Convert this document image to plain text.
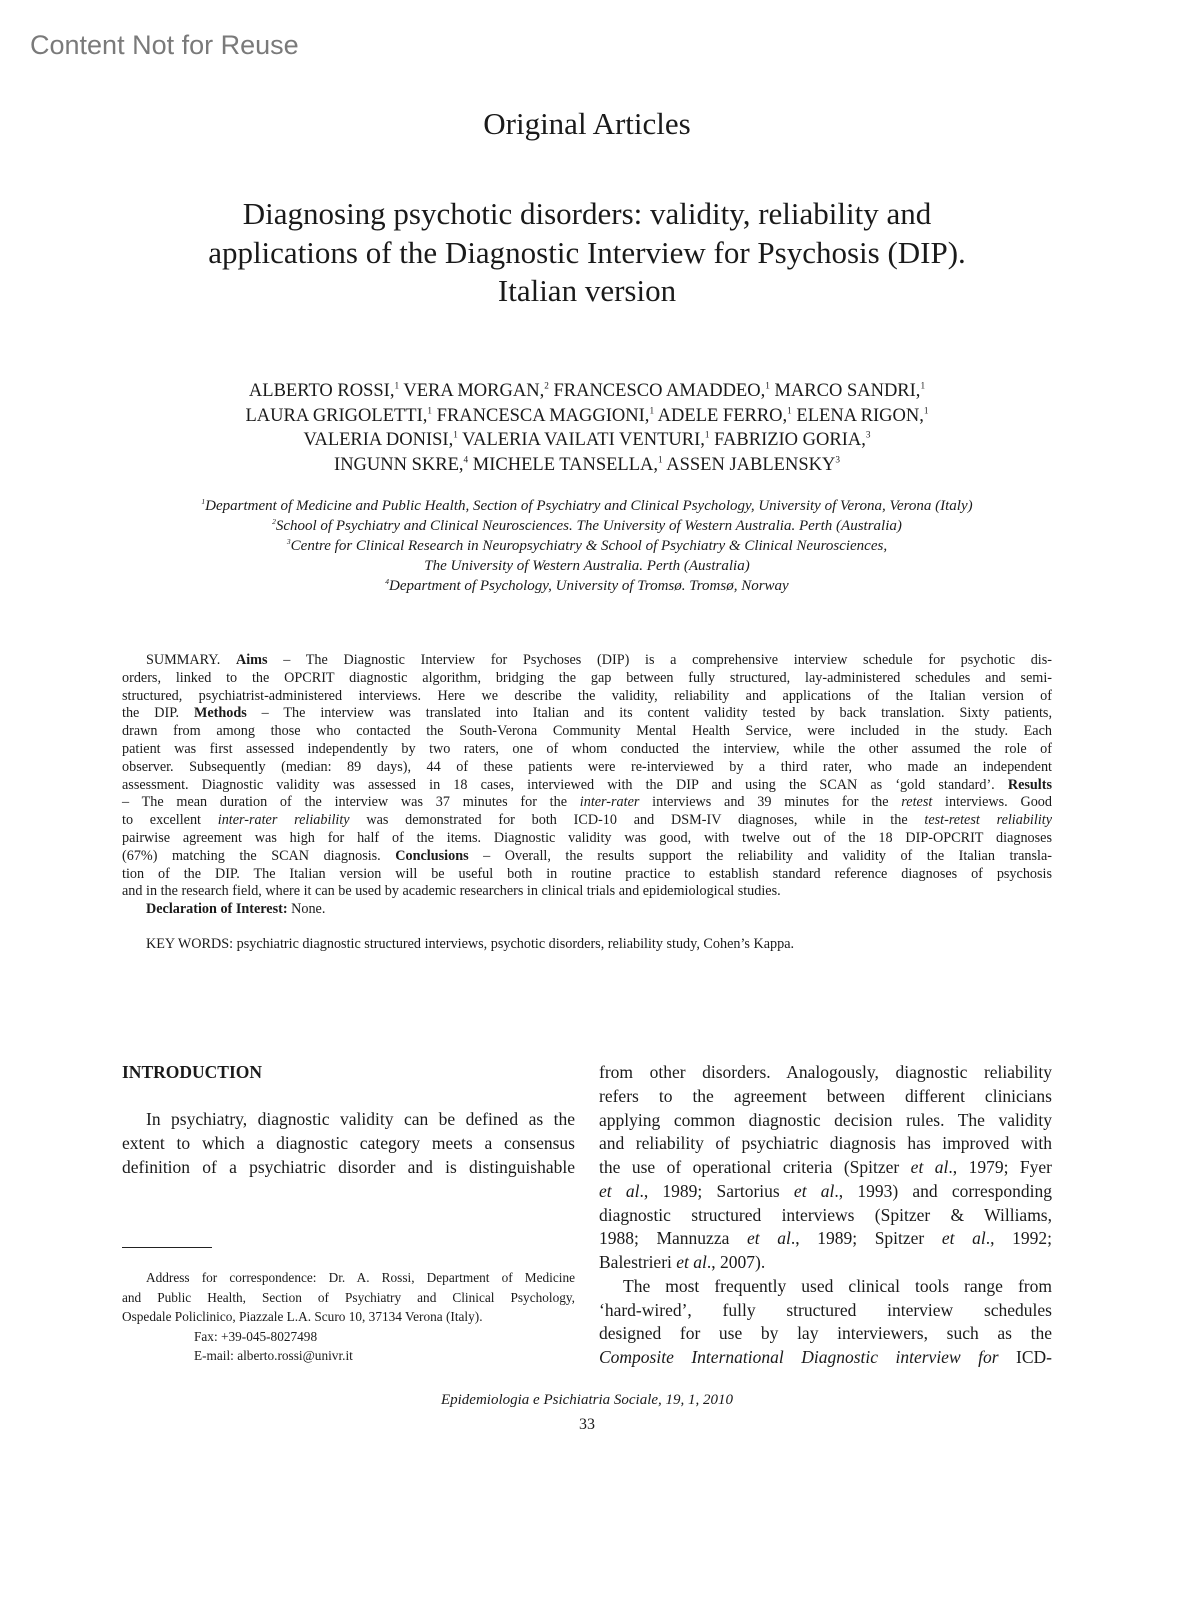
Content Not for Reuse
Original Articles
Diagnosing psychotic disorders: validity, reliability and
applications of the Diagnostic Interview for Psychosis (DIP).
Italian version
ALBERTO ROSSI,$^1$ VERA MORGAN,$^2$ FRANCESCO AMADDEO,$^1$ MARCO SANDRI,$^1$
LAURA GRIGOLETTI,$^1$ FRANCESCA MAGGIONI,$^1$ ADELE FERRO,$^1$ ELENA RIGON,$^1$
VALERIA DONISI,$^1$ VALERIA VAILATI VENTURI,$^1$ FABRIZIO GORIA,$^3$
INGUNN SKRE,$^4$ MICHELE TANSELLA,$^1$ ASSEN JABLENSKY$^3$
$^1$Department of Medicine and Public Health, Section of Psychiatry and Clinical Psychology, University of Verona, Verona (Italy)
$^2$School of Psychiatry and Clinical Neurosciences. The University of Western Australia. Perth (Australia)
$^3$Centre for Clinical Research in Neuropsychiatry & School of Psychiatry & Clinical Neurosciences,
The University of Western Australia. Perth (Australia)
$^4$Department of Psychology, University of Tromsø. Tromsø, Norway
SUMMARY. Aims – The Diagnostic Interview for Psychoses (DIP) is a comprehensive interview schedule for psychotic dis-
orders, linked to the OPCRIT diagnostic algorithm, bridging the gap between fully structured, lay-administered schedules and semi-
structured, psychiatrist-administered interviews. Here we describe the validity, reliability and applications of the Italian version of
the DIP. Methods – The interview was translated into Italian and its content validity tested by back translation. Sixty patients,
drawn from among those who contacted the South-Verona Community Mental Health Service, were included in the study. Each
patient was first assessed independently by two raters, one of whom conducted the interview, while the other assumed the role of
observer. Subsequently (median: 89 days), 44 of these patients were re-interviewed by a third rater, who made an independent
assessment. Diagnostic validity was assessed in 18 cases, interviewed with the DIP and using the SCAN as ‘gold standard’. Results
– The mean duration of the interview was 37 minutes for the inter-rater interviews and 39 minutes for the retest interviews. Good
to excellent inter-rater reliability was demonstrated for both ICD-10 and DSM-IV diagnoses, while in the test-retest reliability
pairwise agreement was high for half of the items. Diagnostic validity was good, with twelve out of the 18 DIP-OPCRIT diagnoses
(67%) matching the SCAN diagnosis. Conclusions – Overall, the results support the reliability and validity of the Italian transla-
tion of the DIP. The Italian version will be useful both in routine practice to establish standard reference diagnoses of psychosis
and in the research field, where it can be used by academic researchers in clinical trials and epidemiological studies.
Declaration of Interest: None.
KEY WORDS: psychiatric diagnostic structured interviews, psychotic disorders, reliability study, Cohen’s Kappa.
INTRODUCTION
In psychiatry, diagnostic validity can be defined as the
extent to which a diagnostic category meets a consensus
definition of a psychiatric disorder and is distinguishable
from other disorders. Analogously, diagnostic reliability
refers to the agreement between different clinicians
applying common diagnostic decision rules. The validity
and reliability of psychiatric diagnosis has improved with
the use of operational criteria (Spitzer et al., 1979; Fyer
et al., 1989; Sartorius et al., 1993) and corresponding
diagnostic structured interviews (Spitzer & Williams,
1988; Mannuzza et al., 1989; Spitzer et al., 1992;
Balestrieri et al., 2007).
The most frequently used clinical tools range from
‘hard-wired’, fully structured interview schedules
designed for use by lay interviewers, such as the
Composite International Diagnostic interview for ICD-
Address for correspondence: Dr. A. Rossi, Department of Medicine
and Public Health, Section of Psychiatry and Clinical Psychology,
Ospedale Policlinico, Piazzale L.A. Scuro 10, 37134 Verona (Italy).
Fax: +39-045-8027498
E-mail: alberto.rossi@univr.it
Epidemiologia e Psichiatria Sociale, 19, 1, 2010
33
